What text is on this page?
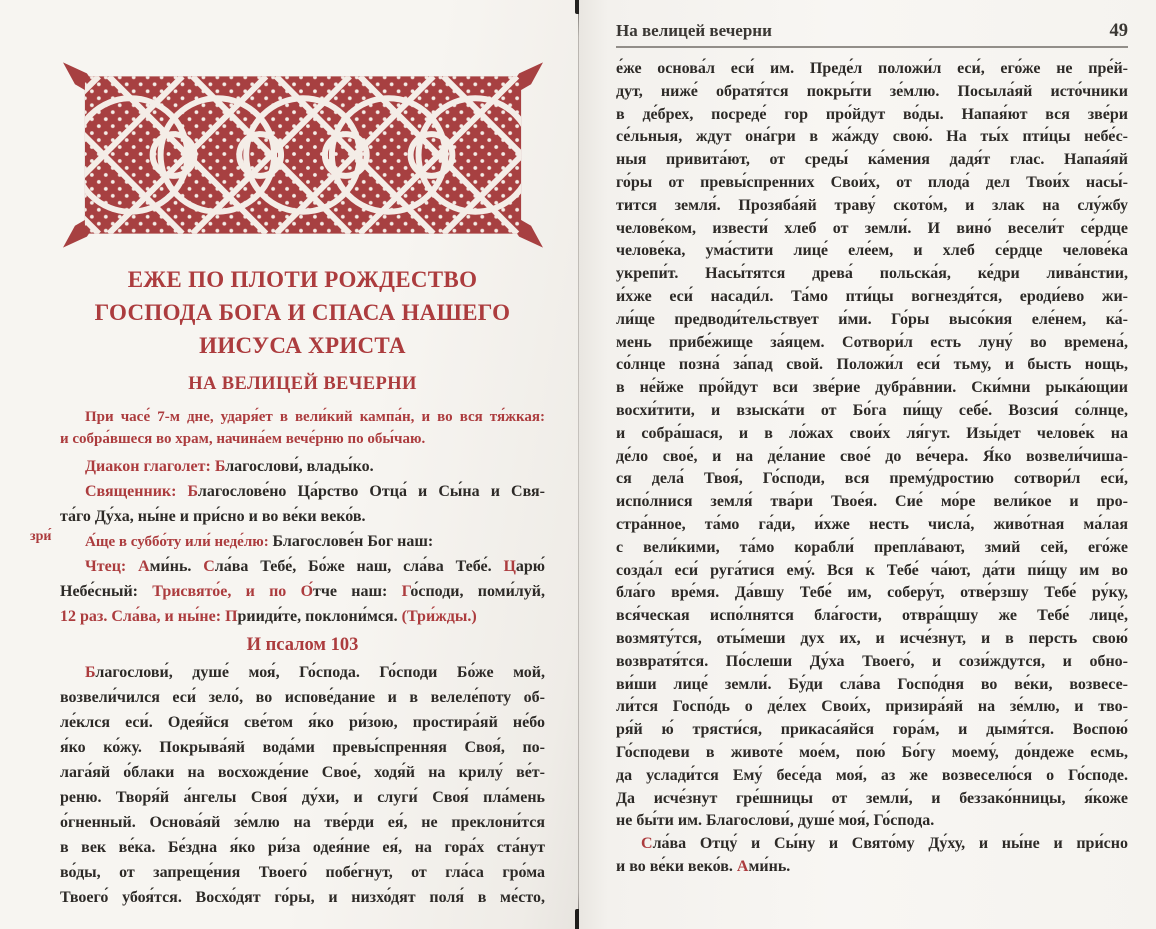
ЕЖЕ ПО ПЛОТИ РОЖДЕСТВО
ГОСПОДА БОГА И СПАСА НАШЕГО
ИИСУСА ХРИСТА
НА ВЕЛИЦЕЙ ВЕЧЕРНИ
При часе́ 7-м дне, ударя́ет в вели́кий кампа́н, и во вся тя́жкая:
и собра́вшеся во храм, начина́ем вече́рню по обы́чаю.
Диакон глаголет: Благослови́, влады́ко.
Священник: Благослове́но Ца́рство Отца́ и Сы́на и Свя-
та́го Ду́ха, ны́не и при́сно и во ве́ки веко́в.
А́ще в суббо́ту или́ неде́лю: Благослове́н Бог наш:
Чтец: Ами́нь. Сла́ва Тебе́, Бо́же наш, сла́ва Тебе́. Царю́
Небе́сный: Трисвято́е, и по О́тче наш: Го́споди, поми́луй,
12 раз. Сла́ва, и ны́не: Прииди́те, поклони́мся. (Три́жды.)
И псалом 103
Благослови́, душе́ моя́, Го́спода. Го́споди Бо́же мой,
возвели́чился еси́ зело́, во испове́дание и в велеле́поту об-
ле́клся еси́. Одея́йся све́том я́ко ри́зою, простира́яй не́бо
я́ко ко́жу. Покрыва́яй вода́ми превы́спренняя Своя́, по-
лага́яй о́блаки на восхожде́ние Свое́, ходя́й на крилу́ ве́т-
реню. Творя́й а́нгелы Своя́ ду́хи, и слуги́ Своя́ пла́мень
о́гненный. Основа́яй зе́млю на тве́рди ея́, не преклони́тся
в век ве́ка. Бе́здна я́ко ри́за одея́ние ея́, на гора́х ста́нут
во́ды, от запреще́ния Твоего́ побе́гнут, от гла́са гро́ма
Твоего́ убоя́тся. Восхо́дят го́ры, и низхо́дят поля́ в ме́сто,
зри́
На велицей вечерни	49
е́же основа́л еси́ им. Преде́л положи́л еси́, его́же не пре́й-
дут, ниже́ обратя́тся покры́ти зе́млю. Посыла́яй исто́чники
в де́брех, посреде́ гор про́йдут во́ды. Напая́ют вся зве́ри
се́льныя, ждут она́гри в жа́жду свою́. На ты́х пти́цы небе́с-
ныя привита́ют, от среды́ ка́мения дадя́т глас. Напая́яй
го́ры от превы́спренних Свои́х, от плода́ дел Твои́х насы́-
тится земля́. Прозяба́яй траву́ ското́м, и злак на слу́жбу
челове́ком, извести́ хлеб от земли́. И вино́ весели́т се́рдце
челове́ка, ума́стити лице́ еле́ем, и хлеб се́рдце челове́ка
укрепи́т. Насы́тятся древа́ польска́я, ке́дри лива́нстии,
и́хже еси́ насади́л. Та́мо пти́цы вогнездя́тся, ероди́ево жи-
ли́ще предводи́тельствует и́ми. Го́ры высо́кия еле́нем, ка́-
мень прибе́жище за́яцем. Сотвори́л есть луну́ во времена́,
со́лнце позна́ за́пад свой. Положи́л еси́ тьму, и бысть нощь,
в не́йже про́йдут вси зве́рие дубра́внии. Ски́мни рыка́ющии
восхи́тити, и взыска́ти от Бо́га пи́щу себе́. Возсия́ со́лнце,
и собра́шася, и в ло́жах свои́х ля́гут. Изы́дет челове́к на
де́ло свое́, и на де́лание свое́ до ве́чера. Я́ко возвели́чиша-
ся дела́ Твоя́, Го́споди, вся прему́дростию сотвори́л еси́,
испо́лнися земля́ тва́ри Твое́я. Сие́ мо́ре вели́кое и про-
стра́нное, та́мо га́ди, и́хже несть числа́, живо́тная ма́лая
с вели́кими, та́мо корабли́ препла́вают, змий сей, его́же
созда́л еси́ руга́тися ему́. Вся к Тебе́ ча́ют, да́ти пи́щу им во
бла́го вре́мя. Да́вшу Тебе́ им, соберу́т, отве́рзшу Тебе́ ру́ку,
вся́ческая испо́лнятся бла́гости, отвра́щшу же Тебе́ лице́,
возмяту́тся, оты́меши дух их, и исче́знут, и в персть свою́
возвратя́тся. По́слеши Ду́ха Твоего́, и сози́ждутся, и обно-
ви́ши лице́ земли́. Бу́ди сла́ва Госпо́дня во ве́ки, возвесе-
ли́тся Госпо́дь о де́лех Свои́х, призира́яй на зе́млю, и тво-
ря́й ю́ трясти́ся, прикаса́яйся гора́м, и дымя́тся. Воспою́
Го́сподеви в животе́ мое́м, пою́ Бо́гу моему́, до́ндеже есмь,
да услади́тся Ему́ бесе́да моя́, аз же возвеселю́ся о Го́споде.
Да исче́знут гре́шницы от земли́, и беззако́нницы, я́коже
не бы́ти им. Благослови́, душе́ моя́, Го́спода.
Сла́ва Отцу́ и Сы́ну и Свято́му Ду́ху, и ны́не и при́сно
и во ве́ки веко́в. Ами́нь.
